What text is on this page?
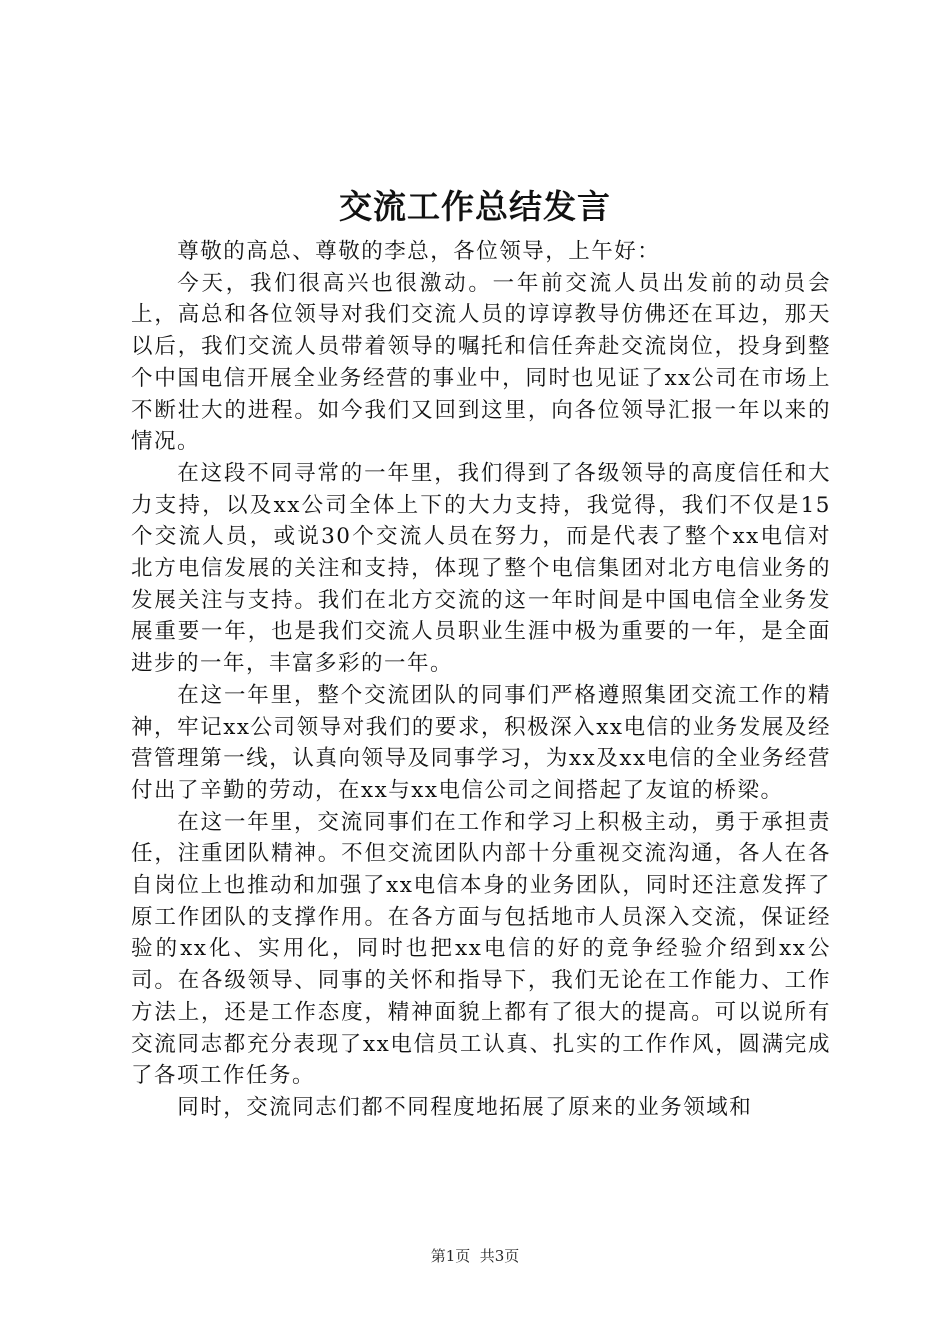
交流工作总结发言

尊敬的高总、尊敬的李总，各位领导，上午好：

今天，我们很高兴也很激动。一年前交流人员出发前的动员会上，高总和各位领导对我们交流人员的谆谆教导仿佛还在耳边，那天以后，我们交流人员带着领导的嘱托和信任奔赴交流岗位，投身到整个中国电信开展全业务经营的事业中，同时也见证了xx公司在市场上不断壮大的进程。如今我们又回到这里，向各位领导汇报一年以来的情况。

在这段不同寻常的一年里，我们得到了各级领导的高度信任和大力支持，以及xx公司全体上下的大力支持，我觉得，我们不仅是15个交流人员，或说30个交流人员在努力，而是代表了整个xx电信对北方电信发展的关注和支持，体现了整个电信集团对北方电信业务的发展关注与支持。我们在北方交流的这一年时间是中国电信全业务发展重要一年，也是我们交流人员职业生涯中极为重要的一年，是全面进步的一年，丰富多彩的一年。

在这一年里，整个交流团队的同事们严格遵照集团交流工作的精神，牢记xx公司领导对我们的要求，积极深入xx电信的业务发展及经营管理第一线，认真向领导及同事学习，为xx及xx电信的全业务经营付出了辛勤的劳动，在xx与xx电信公司之间搭起了友谊的桥梁。

在这一年里，交流同事们在工作和学习上积极主动，勇于承担责任，注重团队精神。不但交流团队内部十分重视交流沟通，各人在各自岗位上也推动和加强了xx电信本身的业务团队，同时还注意发挥了原工作团队的支撑作用。在各方面与包括地市人员深入交流，保证经验的xx化、实用化，同时也把xx电信的好的竞争经验介绍到xx公司。在各级领导、同事的关怀和指导下，我们无论在工作能力、工作方法上，还是工作态度，精神面貌上都有了很大的提高。可以说所有交流同志都充分表现了xx电信员工认真、扎实的工作作风，圆满完成了各项工作任务。

同时，交流同志们都不同程度地拓展了原来的业务领域和

第1页  共3页
